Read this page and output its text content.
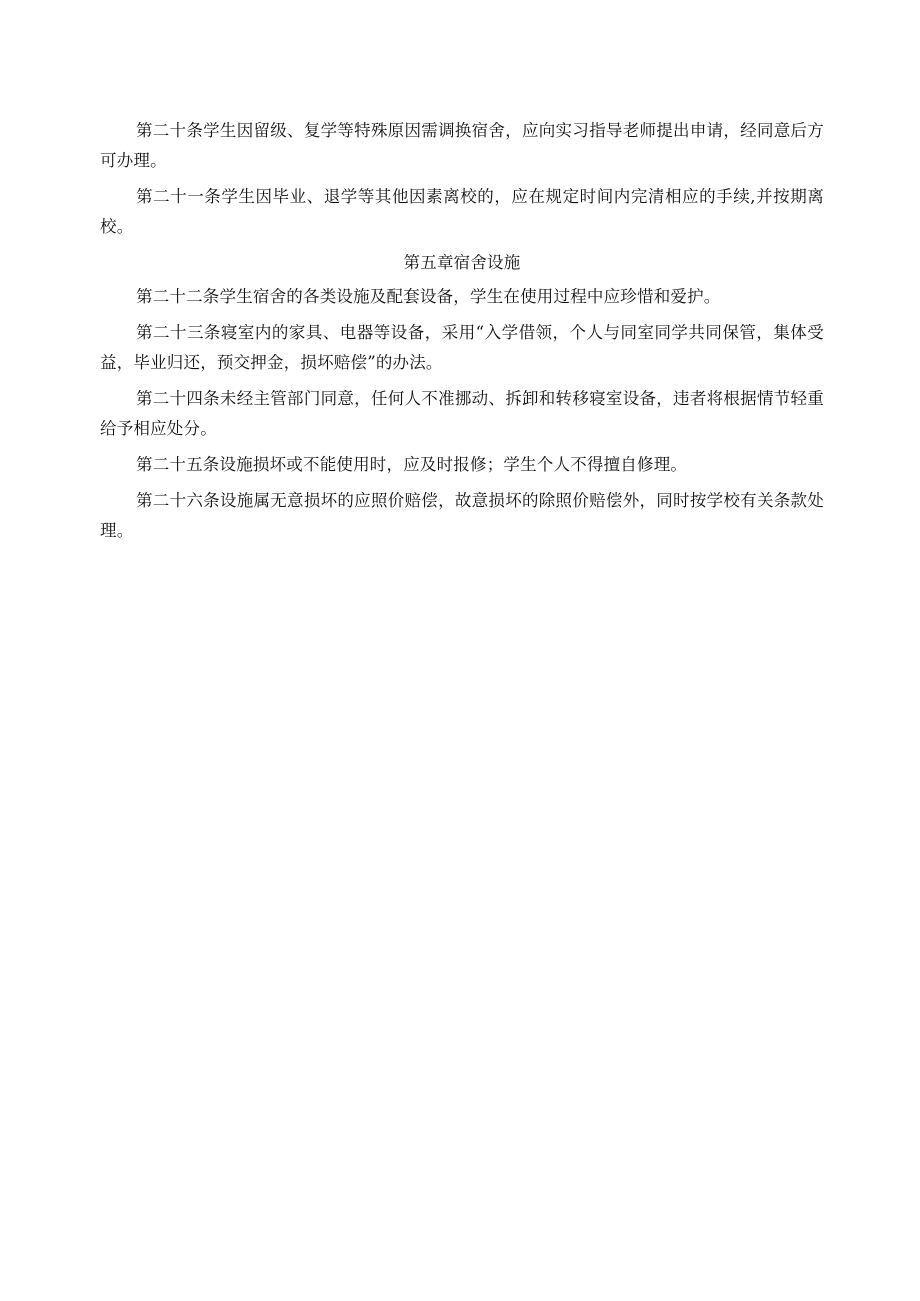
第二十条学生因留级、复学等特殊原因需调换宿舍，应向实习指导老师提出申请，经同意后方可办理。

第二十一条学生因毕业、退学等其他因素离校的，应在规定时间内完清相应的手续,并按期离校。

第五章宿舍设施

第二十二条学生宿舍的各类设施及配套设备，学生在使用过程中应珍惜和爱护。

第二十三条寝室内的家具、电器等设备，采用“入学借领，个人与同室同学共同保管，集体受益，毕业归还，预交押金，损坏赔偿”的办法。

第二十四条未经主管部门同意，任何人不准挪动、拆卸和转移寝室设备，违者将根据情节轻重给予相应处分。

第二十五条设施损坏或不能使用时，应及时报修；学生个人不得擅自修理。

第二十六条设施属无意损坏的应照价赔偿，故意损坏的除照价赔偿外，同时按学校有关条款处理。
